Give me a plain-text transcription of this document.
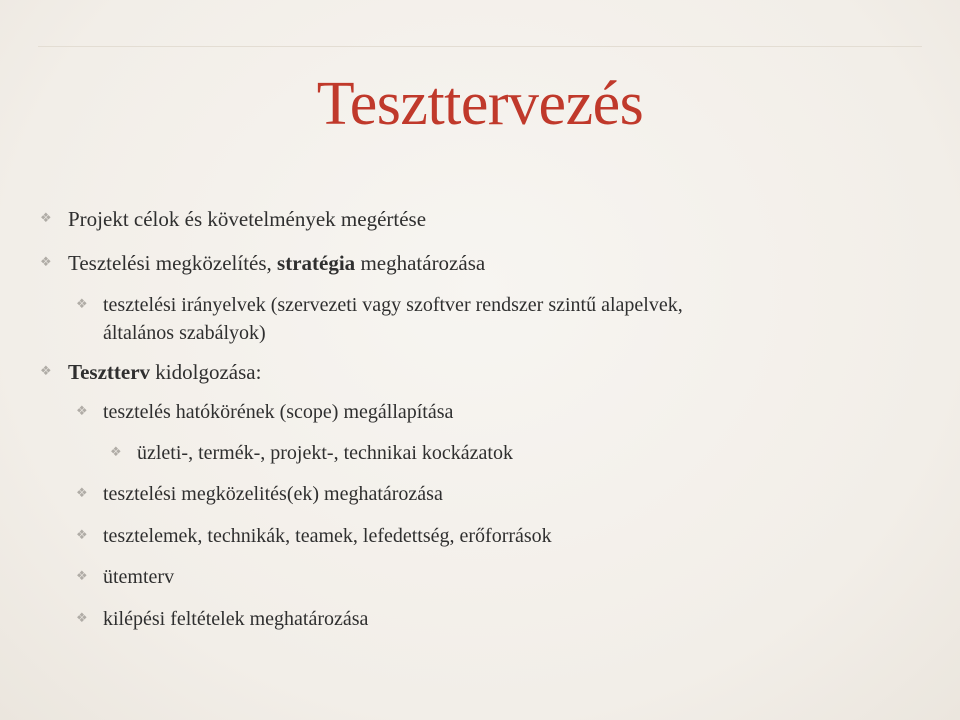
Teszttervezés
❖ Projekt célok és követelmények megértése
❖ Tesztelési megközelítés, stratégia meghatározása
❖ tesztelési irányelvek (szervezeti vagy szoftver rendszer szintű alapelvek,
általános szabályok)
❖ Tesztterv kidolgozása:
❖ tesztelés hatókörének (scope) megállapítása
❖ üzleti-, termék-, projekt-, technikai kockázatok
❖ tesztelési megközelités(ek) meghatározása
❖ tesztelemek, technikák, teamek, lefedettség, erőforrások
❖ ütemterv
❖ kilépési feltételek meghatározása
